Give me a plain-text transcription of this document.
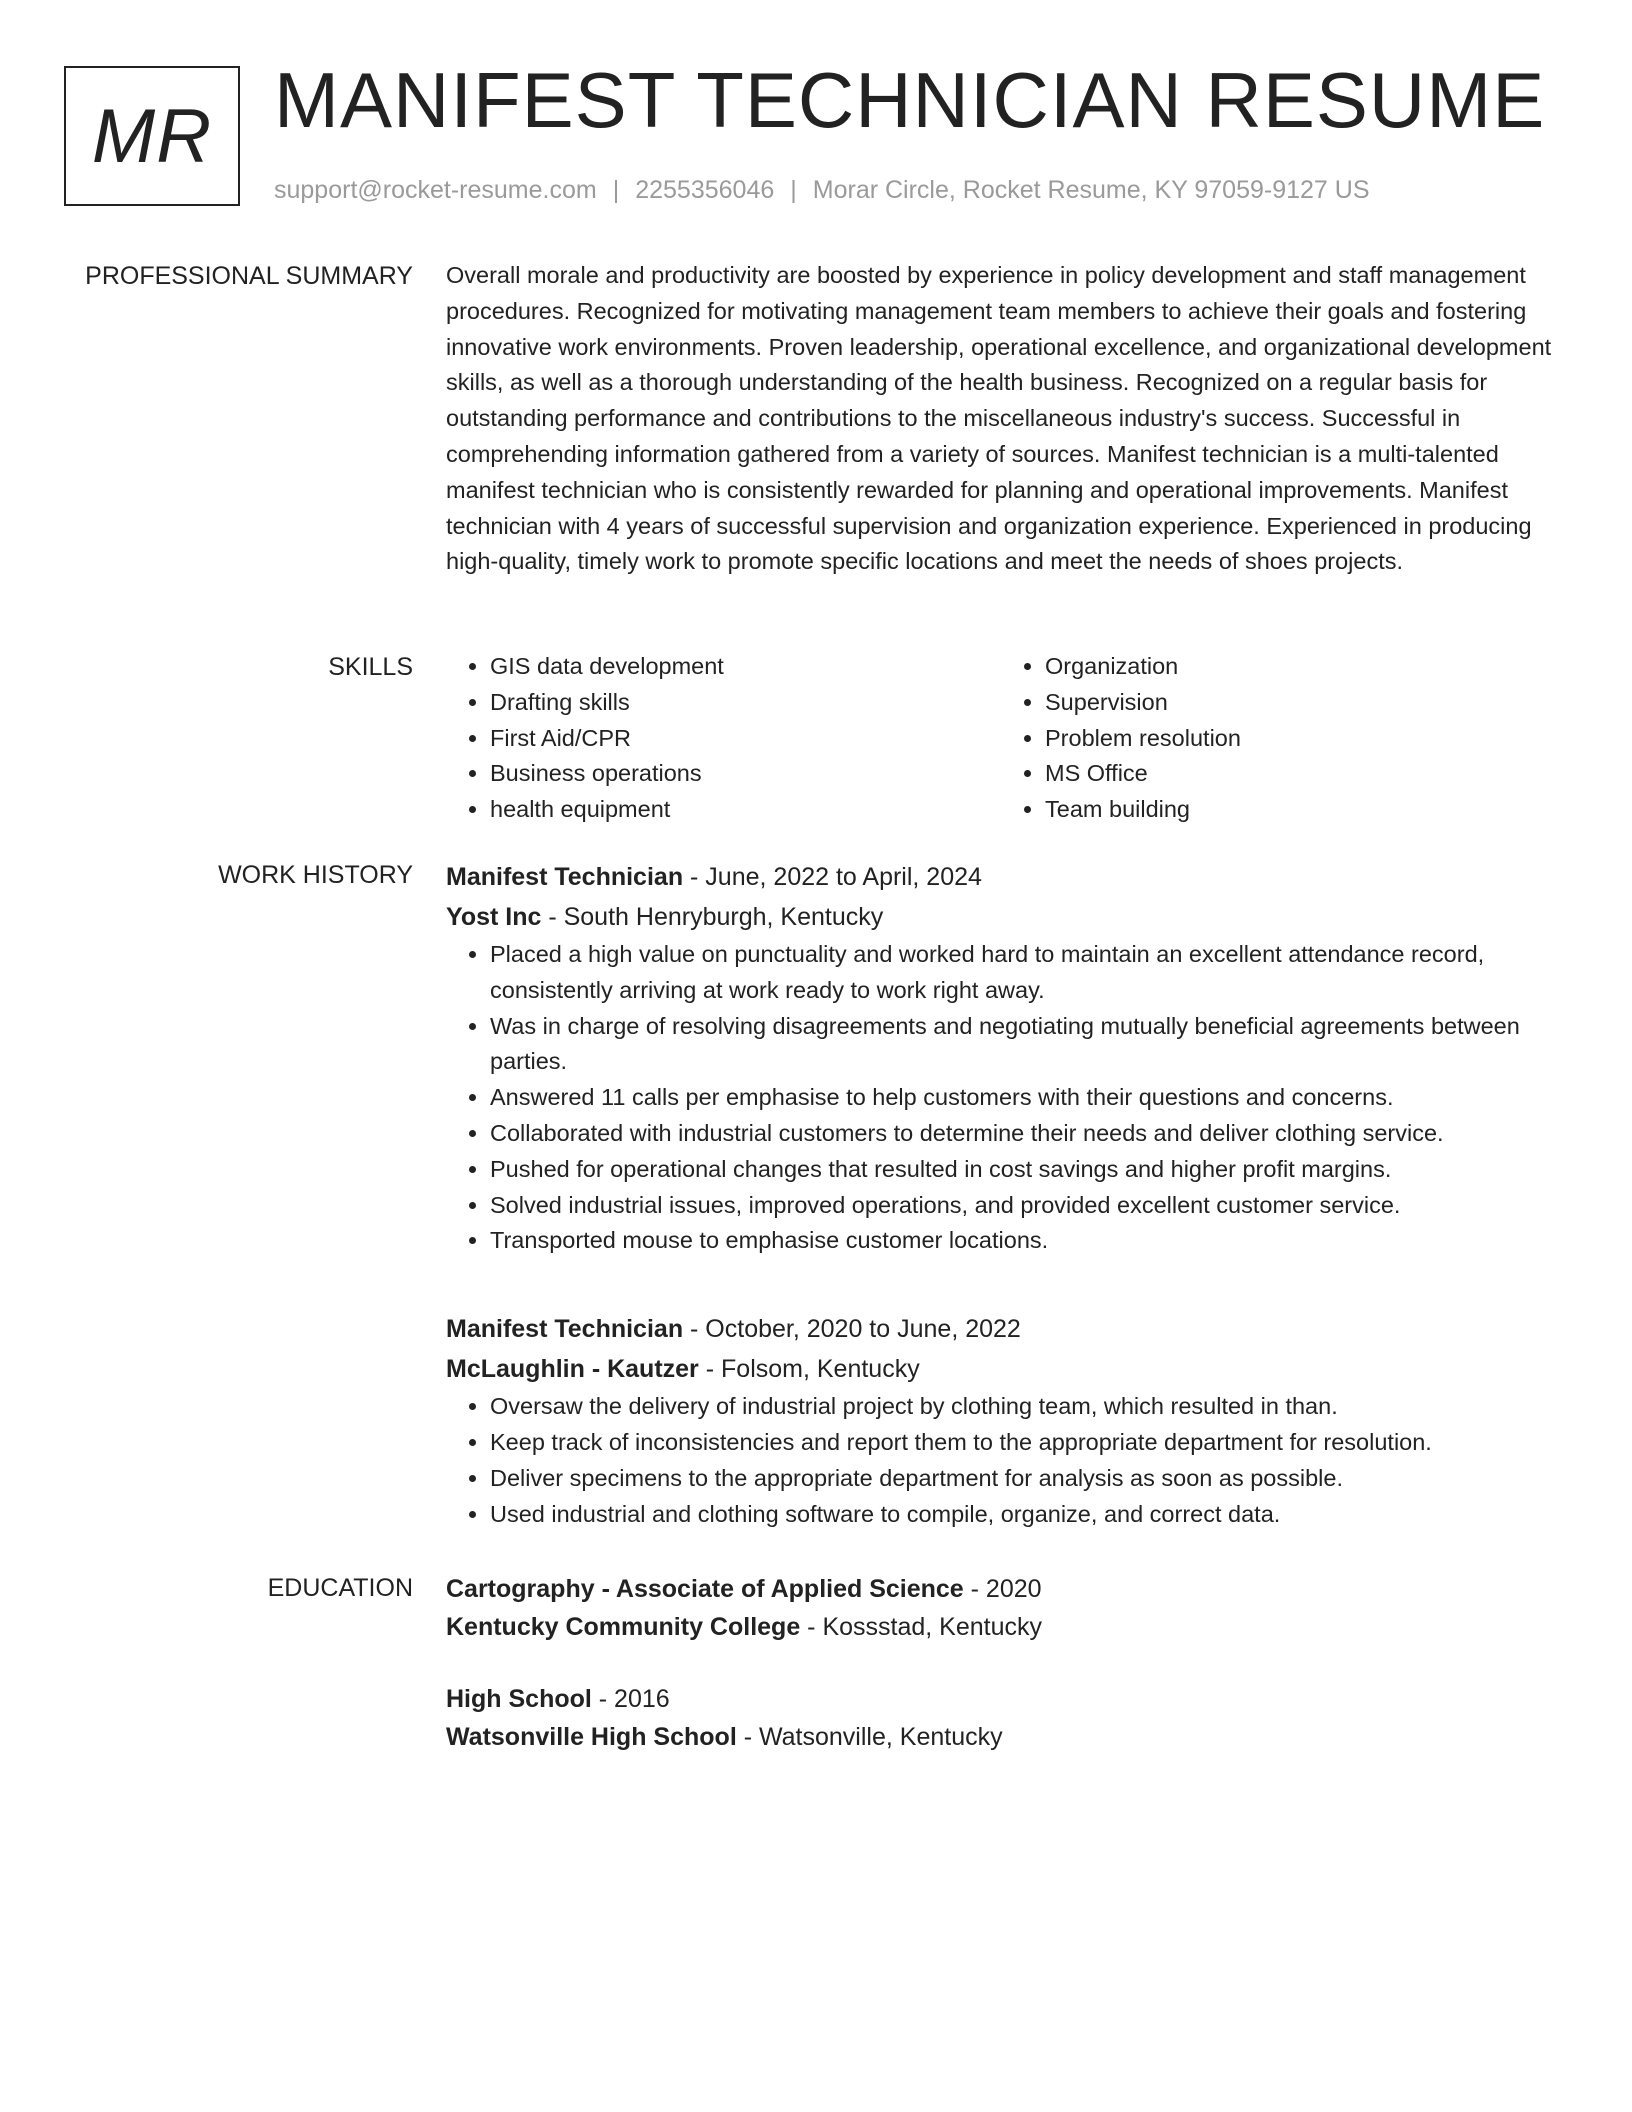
MR MANIFEST TECHNICIAN RESUME
support@rocket-resume.com | 2255356046 | Morar Circle, Rocket Resume, KY 97059-9127 US
PROFESSIONAL SUMMARY Overall morale and productivity are boosted by experience in policy development and staff management procedures. Recognized for motivating management team members to achieve their goals and fostering innovative work environments. Proven leadership, operational excellence, and organizational development skills, as well as a thorough understanding of the health business. Recognized on a regular basis for outstanding performance and contributions to the miscellaneous industry's success. Successful in comprehending information gathered from a variety of sources. Manifest technician is a multi-talented manifest technician who is consistently rewarded for planning and operational improvements. Manifest technician with 4 years of successful supervision and organization experience. Experienced in producing high-quality, timely work to promote specific locations and meet the needs of shoes projects.

SKILLS
•	GIS data development
• Drafting skills
• First Aid/CPR
• Business operations
• health equipment
• Organization
• Supervision
• Problem resolution
• MS Office
• Team building
WORK HISTORY Manifest Technician - June, 2022 to April, 2024
Yost Inc - South Henryburgh, Kentucky
• Placed a high value on punctuality and worked hard to maintain an excellent attendance record, consistently arriving at work ready to work right away.
• Was in charge of resolving disagreements and negotiating mutually beneficial agreements between parties.
• Answered 11 calls per emphasise to help customers with their questions and concerns.
• Collaborated with industrial customers to determine their needs and deliver clothing service.
• Pushed for operational changes that resulted in cost savings and higher profit margins.
• Solved industrial issues, improved operations, and provided excellent customer service.
• Transported mouse to emphasise customer locations.
Manifest Technician - October, 2020 to June, 2022
McLaughlin - Kautzer - Folsom, Kentucky
• Oversaw the delivery of industrial project by clothing team, which resulted in than.
• Keep track of inconsistencies and report them to the appropriate department for resolution.
• Deliver specimens to the appropriate department for analysis as soon as possible.
• Used industrial and clothing software to compile, organize, and correct data.
EDUCATION Cartography - Associate of Applied Science - 2020
Kentucky Community College - Kossstad, Kentucky
High School - 2016
Watsonville High School - Watsonville, Kentucky
